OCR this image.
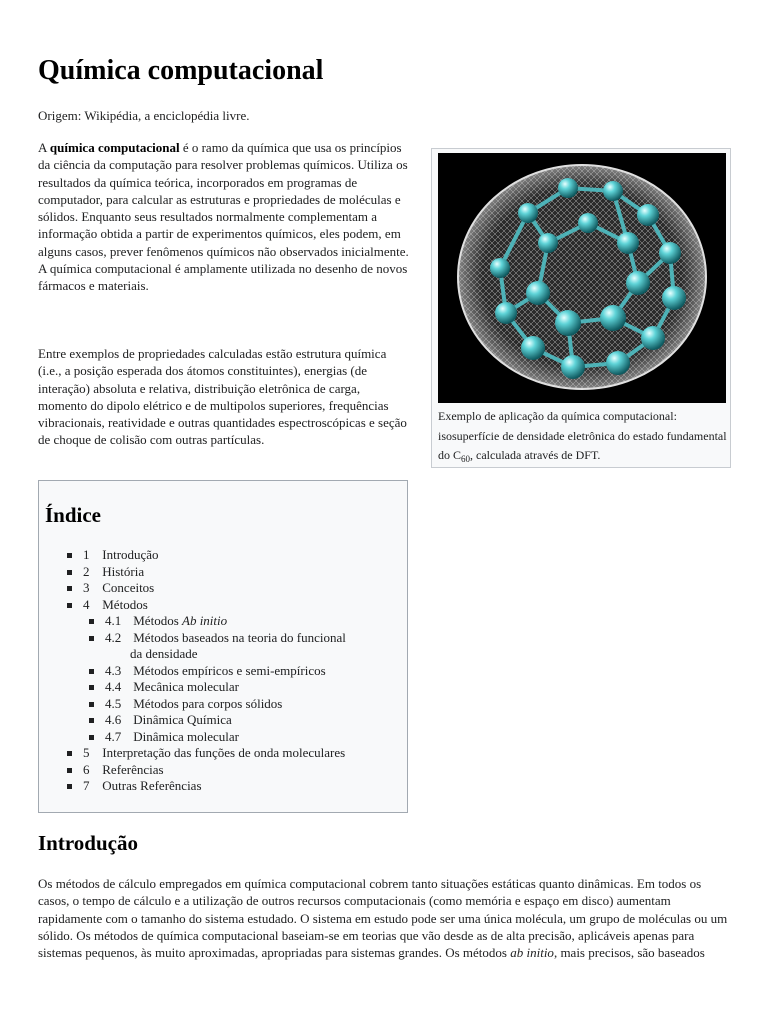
Química computacional
Origem: Wikipédia, a enciclopédia livre.

A química computacional é o ramo da química que usa os princípios da ciência da computação para resolver problemas químicos. Utiliza os resultados da química teórica, incorporados em programas de computador, para calcular as estruturas e propriedades de moléculas e sólidos. Enquanto seus resultados normalmente complementam a informação obtida a partir de experimentos químicos, eles podem, em alguns casos, prever fenômenos químicos não observados inicialmente. A química computacional é amplamente utilizada no desenho de novos fármacos e materiais.

Entre exemplos de propriedades calculadas estão estrutura química (i.e., a posição esperada dos átomos constituintes), energias (de interação) absoluta e relativa, distribuição eletrônica de carga, momento do dipolo elétrico e de multipolos superiores, frequências vibracionais, reatividade e outras quantidades espectroscópicas e seção de choque de colisão com outras partículas.

Exemplo de aplicação da química computacional: isosuperfície de densidade eletrônica do estado fundamental do $C_{60}$, calculada através de DFT.
Índice
1 Introdução
2 História
3 Conceitos
4 Métodos
4.1 Métodos Ab initio
4.2 Métodos baseados na teoria do funcional
da densidade
4.3 Métodos empíricos e semi-empíricos
4.4 Mecânica molecular
4.5 Métodos para corpos sólidos
4.6 Dinâmica Química
4.7 Dinâmica molecular
5 Interpretação das funções de onda moleculares
6 Referências
7 Outras Referências
Introdução

Os métodos de cálculo empregados em química computacional cobrem tanto situações estáticas quanto dinâmicas. Em todos os casos, o tempo de cálculo e a utilização de outros recursos computacionais (como memória e espaço em disco) aumentam rapidamente com o tamanho do sistema estudado. O sistema em estudo pode ser uma única molécula, um grupo de moléculas ou um sólido. Os métodos de química computacional baseiam-se em teorias que vão desde as de alta precisão, aplicáveis apenas para sistemas pequenos, às muito aproximadas, apropriadas para sistemas grandes. Os métodos ab initio, mais precisos, são baseados
